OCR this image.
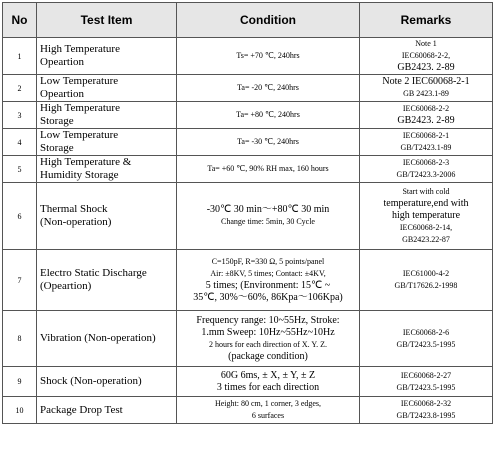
No	Test Item	Condition	Remarks
1	High Temperature
Opeartion	Ts= +70 ℃, 240hrs	Note 1
IEC60068-2-2,
GB2423. 2-89

2	Low Temperature
Opeartion	Ta= -20 ℃, 240hrs	Note 2 IEC60068-2-1
GB 2423.1-89

3	High Temperature
Storage	Ta= +80 ℃, 240hrs	IEC60068-2-2
GB2423. 2-89

4	Low Temperature
Storage	Ta= -30 ℃, 240hrs	IEC60068-2-1
GB/T2423.1-89

5	High Temperature &
Humidity Storage	Ta= +60 ℃, 90% RH max, 160 hours	IEC60068-2-3
GB/T2423.3-2006

6	Thermal Shock
(Non-operation)	-30℃ 30 min～+80℃ 30 min
Change time: 5min, 30 Cycle	Start with cold
temperature,end with
high temperature
IEC60068-2-14,
GB2423.22-87

7	Electro Static Discharge
(Opeartion)	C=150pF, R=330 Ω, 5 points/panel
Air: ±8KV, 5 times; Contact: ±4KV,
5 times; (Environment: 15℃ ~
35℃, 30%～60%, 86Kpa～106Kpa)	IEC61000-4-2
GB/T17626.2-1998

8	Vibration (Non-operation)	Frequency range: 10~55Hz, Stroke:
1.mm Sweep: 10Hz~55Hz~10Hz
2 hours for each direction of X. Y. Z.
(package condition)	IEC60068-2-6
GB/T2423.5-1995

9	Shock (Non-operation)	60G 6ms, ± X, ± Y, ± Z
3 times for each direction	IEC60068-2-27
GB/T2423.5-1995

10	Package Drop Test	Height: 80 cm, 1 corner, 3 edges,
6 surfaces	IEC60068-2-32
GB/T2423.8-1995
